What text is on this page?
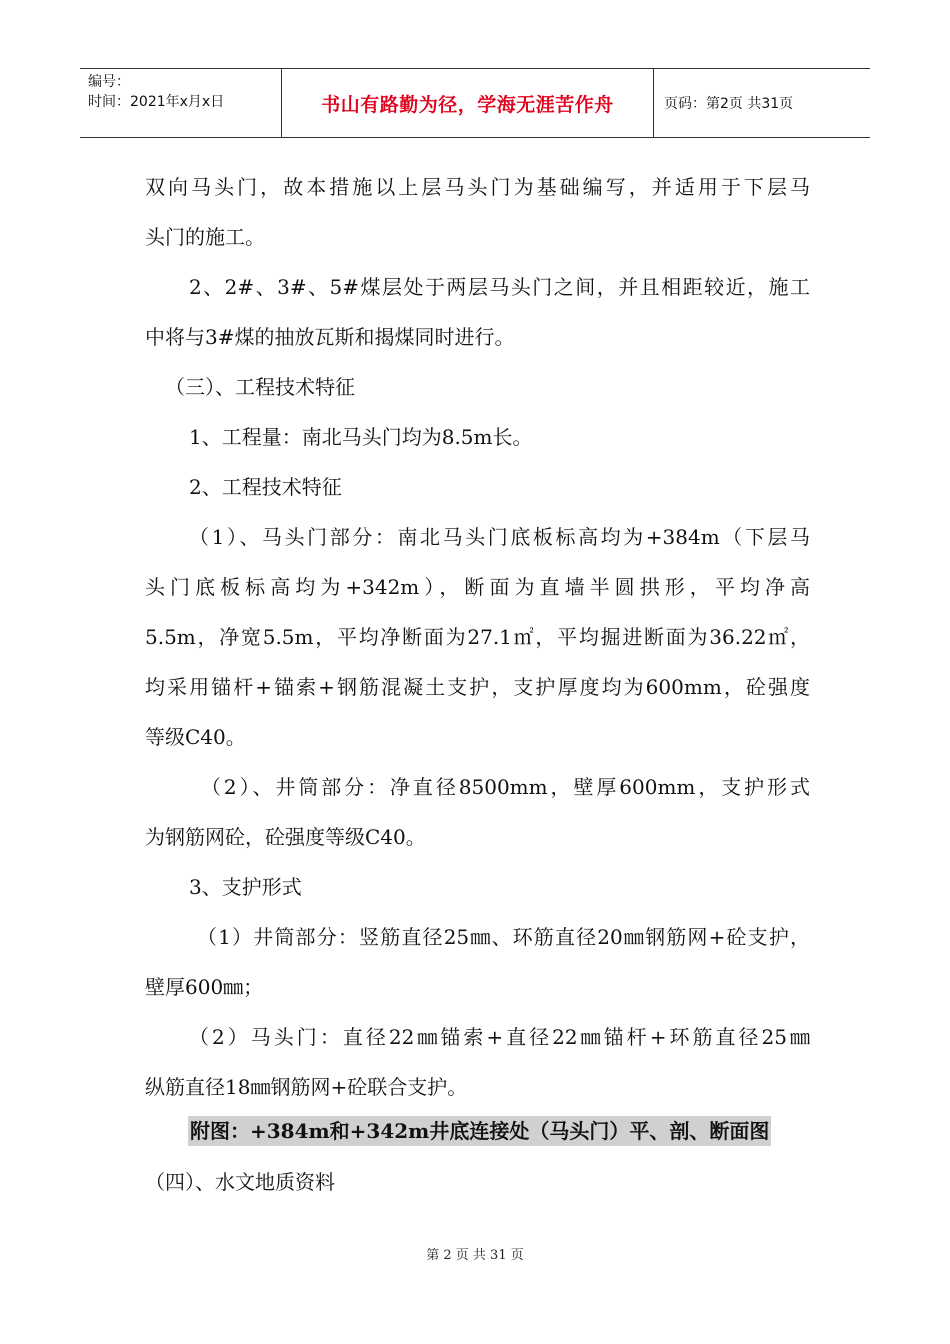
编号：
时间：2021年x月x日	书山有路勤为径，学海无涯苦作舟	页码：第2页 共31页

双向马头门，故本措施以上层马头门为基础编写，并适用于下层马

头门的施工。

2、2#、3#、5#煤层处于两层马头门之间，并且相距较近，施工

中将与3#煤的抽放瓦斯和揭煤同时进行。

（三）、工程技术特征

1、工程量：南北马头门均为8.5m长。

2、工程技术特征

（1）、马头门部分：南北马头门底板标高均为+384m（下层马

头门底板标高均为+342m），断面为直墙半圆拱形，平均净高

5.5m，净宽5.5m，平均净断面为27.1㎡，平均掘进断面为36.22㎡，

均采用锚杆+锚索+钢筋混凝土支护，支护厚度均为600mm，砼强度

等级C40。

（2）、井筒部分：净直径8500mm，壁厚600mm，支护形式

为钢筋网砼，砼强度等级C40。

3、支护形式

（1）井筒部分：竖筋直径25㎜、环筋直径20㎜钢筋网+砼支护，

壁厚600㎜；

（2）马头门：直径22㎜锚索+直径22㎜锚杆+环筋直径25㎜

纵筋直径18㎜钢筋网+砼联合支护。

附图：+384m和+342m井底连接处（马头门）平、剖、断面图

（四）、水文地质资料

第 2 页 共 31 页
